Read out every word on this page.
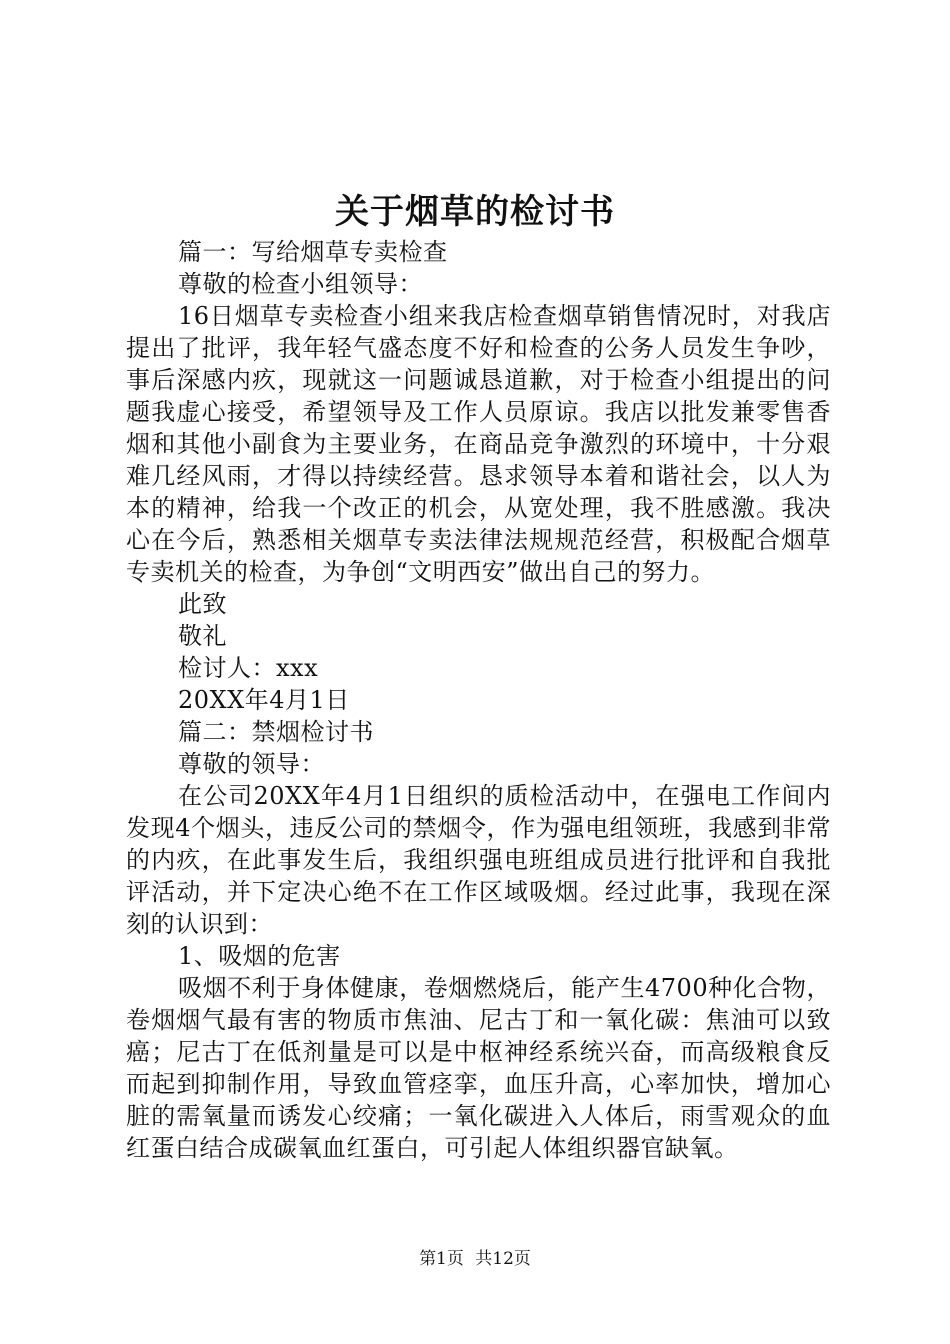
关于烟草的检讨书

篇一：写给烟草专卖检查

尊敬的检查小组领导：

16日烟草专卖检查小组来我店检查烟草销售情况时，对我店提出了批评，我年轻气盛态度不好和检查的公务人员发生争吵，事后深感内疚，现就这一问题诚恳道歉，对于检查小组提出的问题我虚心接受，希望领导及工作人员原谅。我店以批发兼零售香烟和其他小副食为主要业务，在商品竞争激烈的环境中，十分艰难几经风雨，才得以持续经营。恳求领导本着和谐社会，以人为本的精神，给我一个改正的机会，从宽处理，我不胜感激。我决心在今后，熟悉相关烟草专卖法律法规规范经营，积极配合烟草专卖机关的检查，为争创“文明西安”做出自己的努力。

此致

敬礼

检讨人：xxx

20XX年4月1日

篇二：禁烟检讨书

尊敬的领导：

在公司20XX年4月1日组织的质检活动中，在强电工作间内发现4个烟头，违反公司的禁烟令，作为强电组领班，我感到非常的内疚，在此事发生后，我组织强电班组成员进行批评和自我批评活动，并下定决心绝不在工作区域吸烟。经过此事，我现在深刻的认识到：

1、吸烟的危害

吸烟不利于身体健康，卷烟燃烧后，能产生4700种化合物，卷烟烟气最有害的物质市焦油、尼古丁和一氧化碳：焦油可以致癌；尼古丁在低剂量是可以是中枢神经系统兴奋，而高级粮食反而起到抑制作用，导致血管痉挛，血压升高，心率加快，增加心脏的需氧量而诱发心绞痛；一氧化碳进入人体后，雨雪观众的血红蛋白结合成碳氧血红蛋白，可引起人体组织器官缺氧。

第1页 共12页
